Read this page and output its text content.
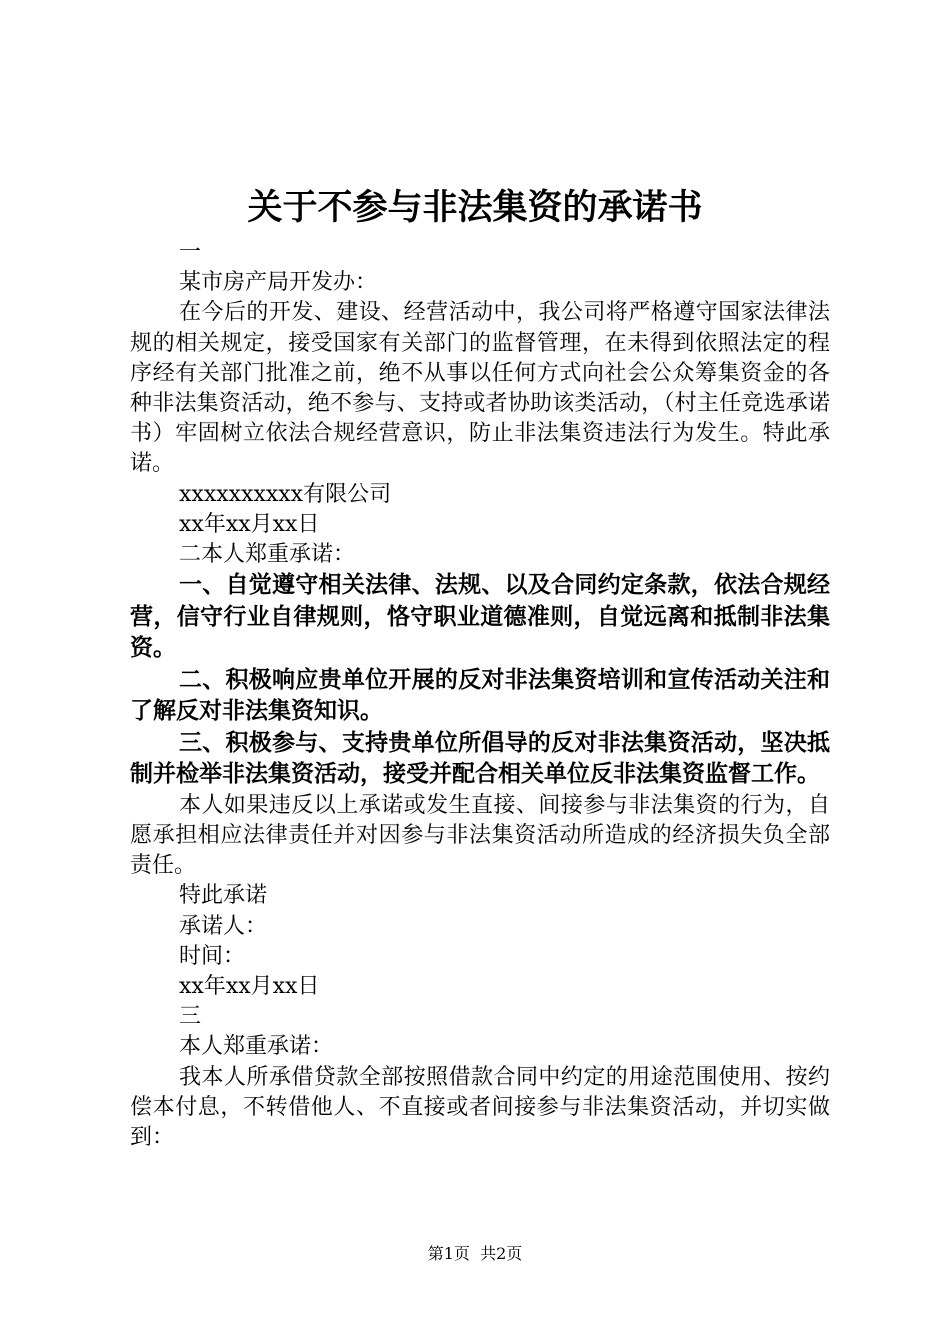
关于不参与非法集资的承诺书

一

某市房产局开发办：

在今后的开发、建设、经营活动中，我公司将严格遵守国家法律法规的相关规定，接受国家有关部门的监督管理，在未得到依照法定的程序经有关部门批准之前，绝不从事以任何方式向社会公众筹集资金的各种非法集资活动，绝不参与、支持或者协助该类活动，（村主任竞选承诺书）牢固树立依法合规经营意识，防止非法集资违法行为发生。特此承诺。

xxxxxxxxxx有限公司

xx年xx月xx日

二本人郑重承诺：

一、自觉遵守相关法律、法规、以及合同约定条款，依法合规经营，信守行业自律规则，恪守职业道德准则，自觉远离和抵制非法集资。

二、积极响应贵单位开展的反对非法集资培训和宣传活动关注和了解反对非法集资知识。

三、积极参与、支持贵单位所倡导的反对非法集资活动，坚决抵制并检举非法集资活动，接受并配合相关单位反非法集资监督工作。

本人如果违反以上承诺或发生直接、间接参与非法集资的行为，自愿承担相应法律责任并对因参与非法集资活动所造成的经济损失负全部责任。

特此承诺

承诺人：

时间：

xx年xx月xx日

三

本人郑重承诺：

我本人所承借贷款全部按照借款合同中约定的用途范围使用、按约偿本付息，不转借他人、不直接或者间接参与非法集资活动，并切实做到：

第1页 共2页
